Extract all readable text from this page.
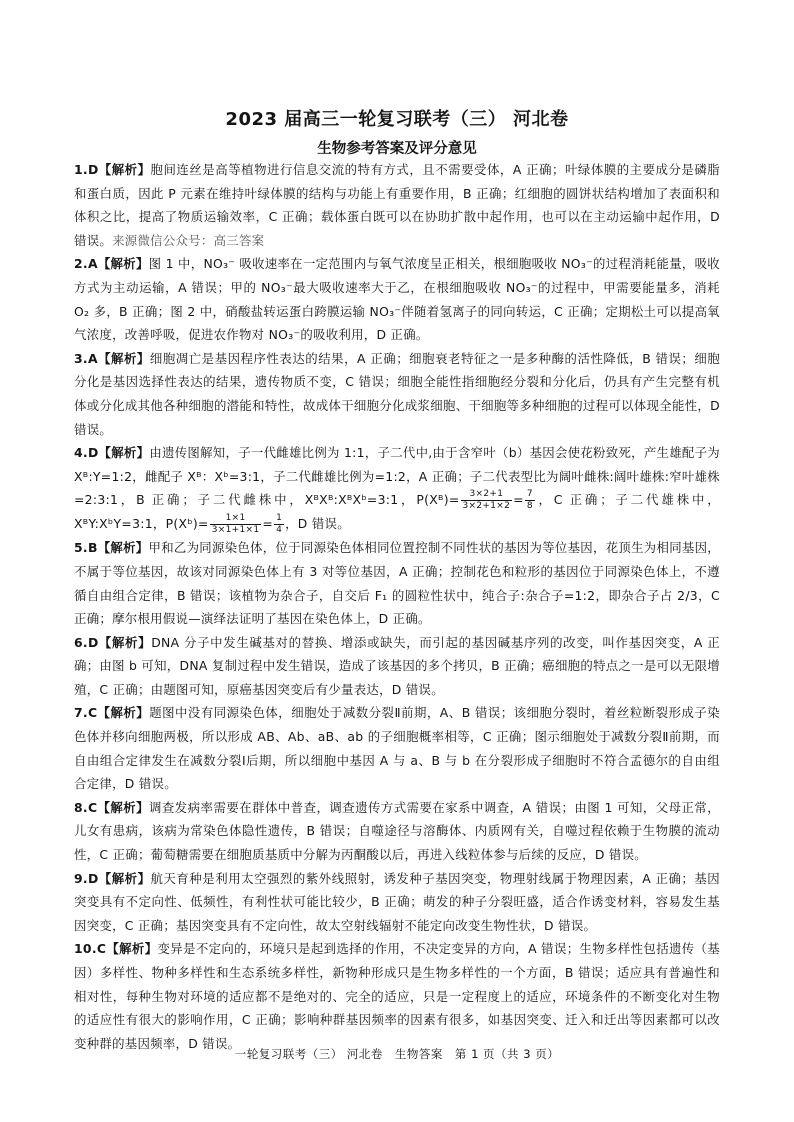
2023 届高三一轮复习联考（三） 河北卷
生物参考答案及评分意见

1.D【解析】胞间连丝是高等植物进行信息交流的特有方式，且不需要受体，A 正确；叶绿体膜的主要成分是磷脂和蛋白质，因此 P 元素在维持叶绿体膜的结构与功能上有重要作用，B 正确；红细胞的圆饼状结构增加了表面积和体积之比，提高了物质运输效率，C 正确；载体蛋白既可以在协助扩散中起作用，也可以在主动运输中起作用，D 错误。来源微信公众号：高三答案

2.A【解析】图 1 中，NO₃⁻ 吸收速率在一定范围内与氧气浓度呈正相关，根细胞吸收 NO₃⁻的过程消耗能量，吸收方式为主动运输，A 错误；甲的 NO₃⁻最大吸收速率大于乙，在根细胞吸收 NO₃⁻的过程中，甲需要能量多，消耗 O₂ 多，B 正确；图 2 中，硝酸盐转运蛋白跨膜运输 NO₃⁻伴随着氢离子的同向转运，C 正确；定期松土可以提高氧气浓度，改善呼吸，促进农作物对 NO₃⁻的吸收利用，D 正确。

3.A【解析】细胞凋亡是基因程序性表达的结果，A 正确；细胞衰老特征之一是多种酶的活性降低，B 错误；细胞分化是基因选择性表达的结果，遗传物质不变，C 错误；细胞全能性指细胞经分裂和分化后，仍具有产生完整有机体或分化成其他各种细胞的潜能和特性，故成体干细胞分化成浆细胞、干细胞等多种细胞的过程可以体现全能性，D 错误。

4.D【解析】由遗传图解知，子一代雌雄比例为 1:1，子二代中,由于含窄叶（b）基因会使花粉致死，产生雄配子为 Xᴮ:Y=1:2，雌配子 Xᴮ：Xᵇ=3:1，子二代雌雄比例为=1:2，A 正确；子二代表型比为阔叶雌株:阔叶雄株:窄叶雄株=2:3:1，B 正确；子二代雌株中，XᴮXᴮ:XᴮXᵇ=3:1，P(Xᴮ)= $\frac{3\times 2+1}{3\times 2+1\times 2} = \frac{7}{8}$ ，C 正确；子二代雄株中，XᴮY:XᵇY=3:1，P(Xᵇ)= $\frac{1\times 1}{3\times 1+1\times 1} = \frac{1}{4}$ ，D 错误。

5.B【解析】甲和乙为同源染色体，位于同源染色体相同位置控制不同性状的基因为等位基因，花顶生为相同基因，不属于等位基因，故该对同源染色体上有 3 对等位基因，A 正确；控制花色和粒形的基因位于同源染色体上，不遵循自由组合定律，B 错误；该植物为杂合子，自交后 F₁ 的圆粒性状中，纯合子:杂合子=1:2，即杂合子占 2/3，C 正确；摩尔根用假说—演绎法证明了基因在染色体上，D 正确。

6.D【解析】DNA 分子中发生碱基对的替换、增添或缺失，而引起的基因碱基序列的改变，叫作基因突变，A 正确；由图 b 可知，DNA 复制过程中发生错误，造成了该基因的多个拷贝，B 正确；癌细胞的特点之一是可以无限增殖，C 正确；由题图可知，原癌基因突变后有少量表达，D 错误。

7.C【解析】题图中没有同源染色体，细胞处于减数分裂Ⅱ前期，A、B 错误；该细胞分裂时，着丝粒断裂形成子染色体并移向细胞两极，所以形成 AB、Ab、aB、ab 的子细胞概率相等，C 正确；图示细胞处于减数分裂Ⅱ前期，而自由组合定律发生在减数分裂Ⅰ后期，所以细胞中基因 A 与 a、B 与 b 在分裂形成子细胞时不符合孟德尔的自由组合定律，D 错误。

8.C【解析】调查发病率需要在群体中普查，调查遗传方式需要在家系中调查，A 错误；由图 1 可知，父母正常，儿女有患病，该病为常染色体隐性遗传，B 错误；自噬途径与溶酶体、内质网有关，自噬过程依赖于生物膜的流动性，C 正确；葡萄糖需要在细胞质基质中分解为丙酮酸以后，再进入线粒体参与后续的反应，D 错误。

9.D【解析】航天育种是利用太空强烈的紫外线照射，诱发种子基因突变，物理射线属于物理因素，A 正确；基因突变具有不定向性、低频性，有利性状可能比较少，B 正确；萌发的种子分裂旺盛，适合作诱变材料，容易发生基因突变，C 正确；基因突变具有不定向性，故太空射线辐射不能定向改变生物性状，D 错误。

10.C【解析】变异是不定向的，环境只是起到选择的作用，不决定变异的方向，A 错误；生物多样性包括遗传（基因）多样性、物种多样性和生态系统多样性，新物种形成只是生物多样性的一个方面，B 错误；适应具有普遍性和相对性，每种生物对环境的适应都不是绝对的、完全的适应，只是一定程度上的适应，环境条件的不断变化对生物的适应性有很大的影响作用，C 正确；影响种群基因频率的因素有很多，如基因突变、迁入和迁出等因素都可以改变种群的基因频率，D 错误。

一轮复习联考（三） 河北卷　生物答案　第 1 页（共 3 页）
